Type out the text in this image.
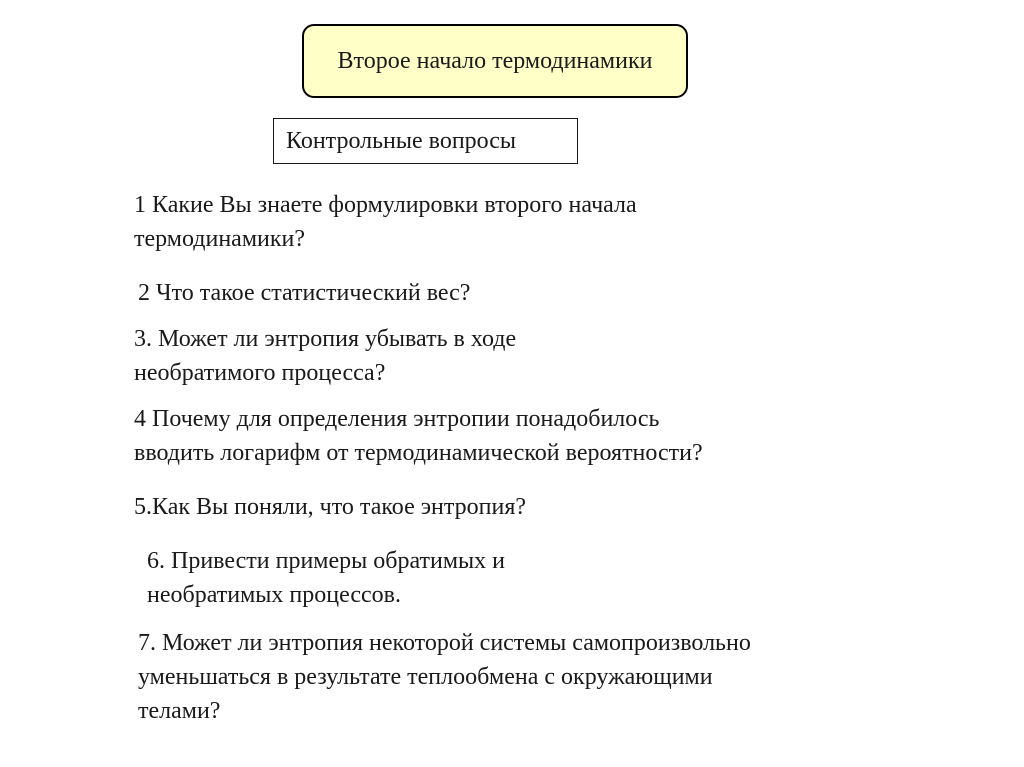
Второе начало термодинамики
Контрольные вопросы
1 Какие Вы знаете формулировки второго начала
термодинамики?
2 Что такое статистический вес?
3. Может ли энтропия убывать в ходе
необратимого процесса?
4 Почему для определения энтропии понадобилось
вводить логарифм от термодинамической вероятности?
5.Как Вы поняли, что такое энтропия?
6. Привести примеры обратимых и
необратимых процессов.
7. Может ли энтропия некоторой системы самопроизвольно
уменьшаться в результате теплообмена с окружающими
телами?
